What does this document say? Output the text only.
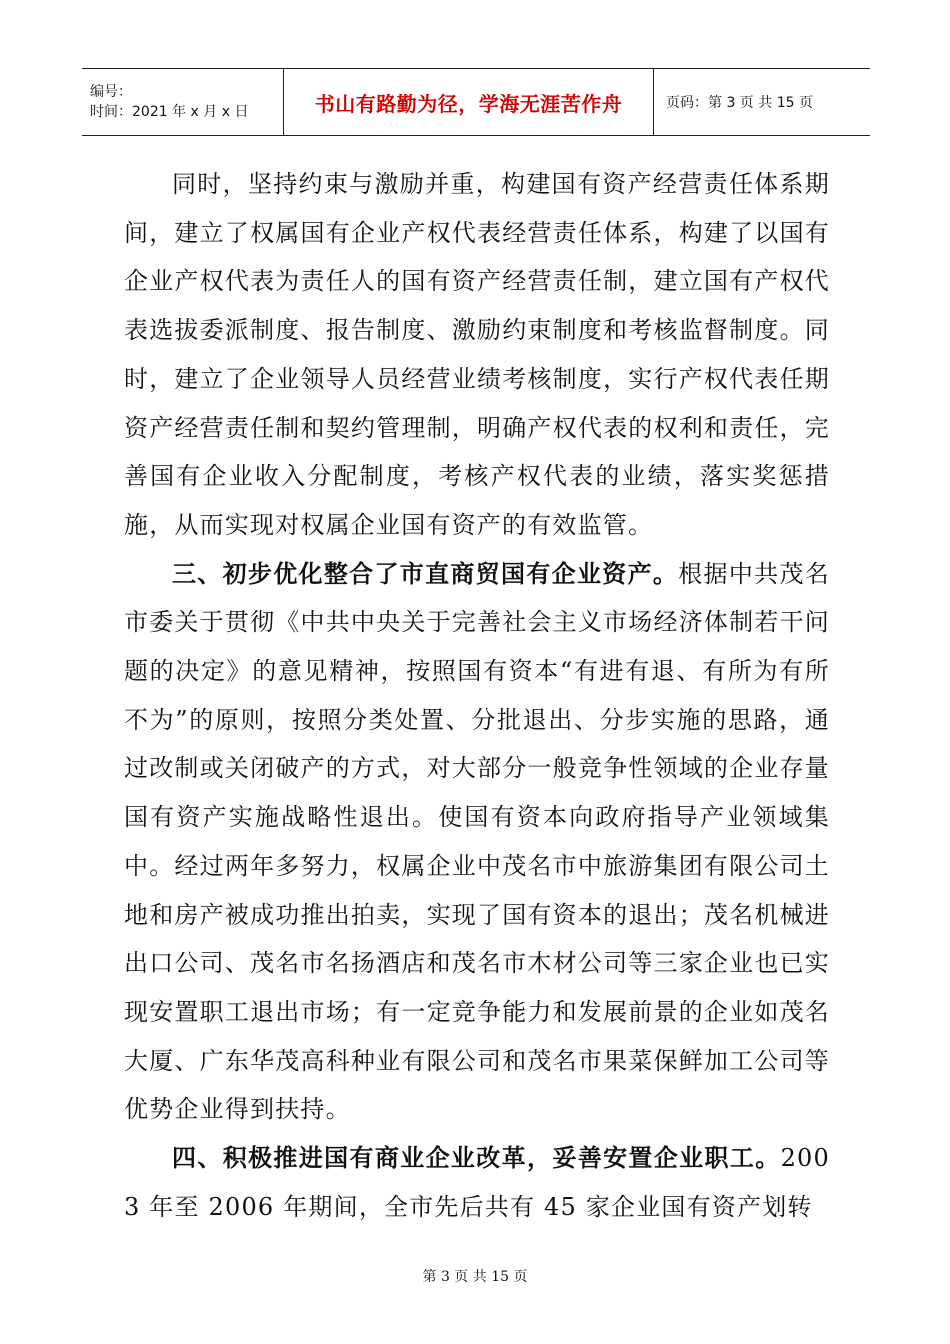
编号：
时间：2021 年 x 月 x 日	书山有路勤为径，学海无涯苦作舟	页码：第 3 页 共 15 页

同时，坚持约束与激励并重，构建国有资产经营责任体系期间，建立了权属国有企业产权代表经营责任体系，构建了以国有企业产权代表为责任人的国有资产经营责任制，建立国有产权代表选拔委派制度、报告制度、激励约束制度和考核监督制度。同时，建立了企业领导人员经营业绩考核制度，实行产权代表任期资产经营责任制和契约管理制，明确产权代表的权利和责任，完善国有企业收入分配制度，考核产权代表的业绩，落实奖惩措施，从而实现对权属企业国有资产的有效监管。

三、初步优化整合了市直商贸国有企业资产。根据中共茂名市委关于贯彻《中共中央关于完善社会主义市场经济体制若干问题的决定》的意见精神，按照国有资本“有进有退、有所为有所不为”的原则，按照分类处置、分批退出、分步实施的思路，通过改制或关闭破产的方式，对大部分一般竞争性领域的企业存量国有资产实施战略性退出。使国有资本向政府指导产业领域集中。经过两年多努力，权属企业中茂名市中旅游集团有限公司土地和房产被成功推出拍卖，实现了国有资本的退出；茂名机械进出口公司、茂名市名扬酒店和茂名市木材公司等三家企业也已实现安置职工退出市场；有一定竞争能力和发展前景的企业如茂名大厦、广东华茂高科种业有限公司和茂名市果菜保鲜加工公司等优势企业得到扶持。

四、积极推进国有商业企业改革，妥善安置企业职工。2003 年至 2006 年期间，全市先后共有 45 家企业国有资产划转

第 3 页 共 15 页
